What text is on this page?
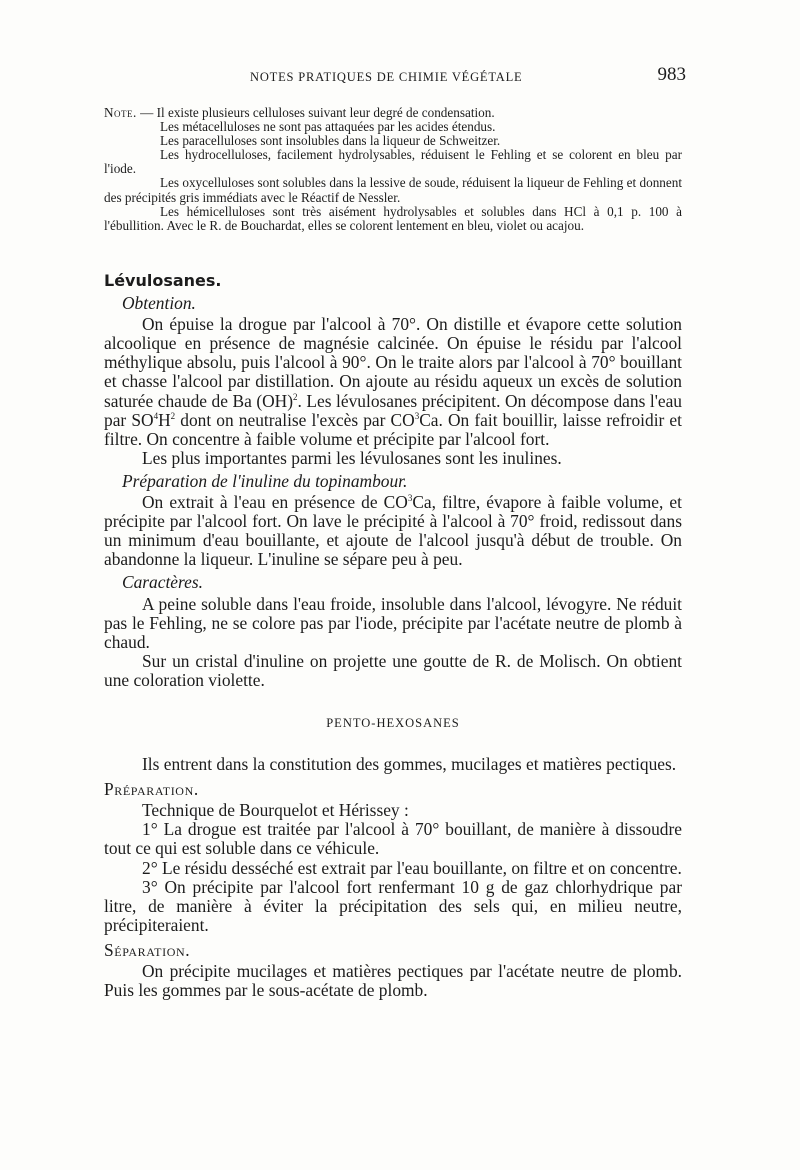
NOTES PRATIQUES DE CHIMIE VÉGÉTALE	983

Note. — Il existe plusieurs celluloses suivant leur degré de condensation.

Les métacelluloses ne sont pas attaquées par les acides étendus.

Les paracelluloses sont insolubles dans la liqueur de Schweitzer.

Les hydrocelluloses, facilement hydrolysables, réduisent le Fehling et se colorent en bleu par l'iode.

Les oxycelluloses sont solubles dans la lessive de soude, réduisent la liqueur de Fehling et donnent des précipités gris immédiats avec le Réactif de Nessler.

Les hémicelluloses sont très aisément hydrolysables et solubles dans HCl à 0,1 p. 100 à l'ébullition. Avec le R. de Bouchardat, elles se colorent lentement en bleu, violet ou acajou.

Lévulosanes.

Obtention.

On épuise la drogue par l'alcool à 70°. On distille et évapore cette solution alcoolique en présence de magnésie calcinée. On épuise le résidu par l'alcool méthylique absolu, puis l'alcool à 90°. On le traite alors par l'alcool à 70° bouillant et chasse l'alcool par distillation. On ajoute au résidu aqueux un excès de solution saturée chaude de Ba (OH)$^2$. Les lévulosanes précipitent. On décompose dans l'eau par $SO^4H^2$ dont on neutralise l'excès par $CO^3Ca$. On fait bouillir, laisse refroidir et filtre. On concentre à faible volume et précipite par l'alcool fort.

Les plus importantes parmi les lévulosanes sont les inulines.

Préparation de l'inuline du topinambour.

On extrait à l'eau en présence de $CO^3Ca$, filtre, évapore à faible volume, et précipite par l'alcool fort. On lave le précipité à l'alcool à 70° froid, redissout dans un minimum d'eau bouillante, et ajoute de l'alcool jusqu'à début de trouble. On abandonne la liqueur. L'inuline se sépare peu à peu.

Caractères.

A peine soluble dans l'eau froide, insoluble dans l'alcool, lévogyre. Ne réduit pas le Fehling, ne se colore pas par l'iode, précipite par l'acétate neutre de plomb à chaud.

Sur un cristal d'inuline on projette une goutte de R. de Molisch. On obtient une coloration violette.

PENTO-HEXOSANES

Ils entrent dans la constitution des gommes, mucilages et matières pectiques.

Préparation.

Technique de Bourquelot et Hérissey :

1° La drogue est traitée par l'alcool à 70° bouillant, de manière à dissoudre tout ce qui est soluble dans ce véhicule.

2° Le résidu desséché est extrait par l'eau bouillante, on filtre et on concentre.

3° On précipite par l'alcool fort renfermant 10 g de gaz chlorhydrique par litre, de manière à éviter la précipitation des sels qui, en milieu neutre, précipiteraient.

Séparation.

On précipite mucilages et matières pectiques par l'acétate neutre de plomb. Puis les gommes par le sous-acétate de plomb.
